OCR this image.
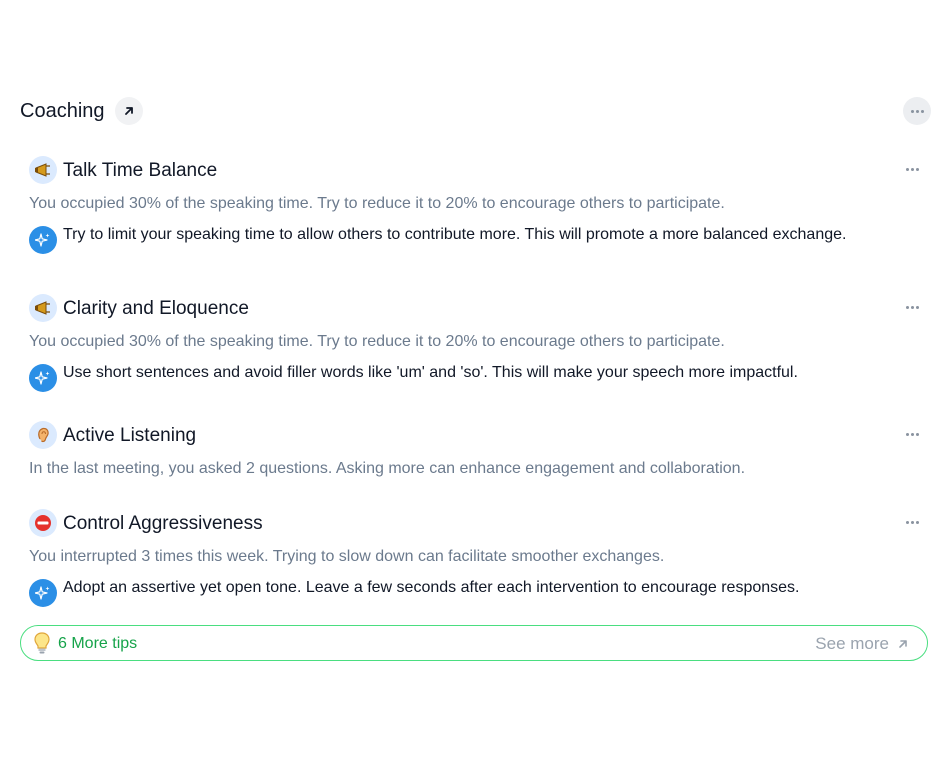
Coaching
Talk Time Balance
You occupied 30% of the speaking time. Try to reduce it to 20% to encourage others to participate.
Try to limit your speaking time to allow others to contribute more. This will promote a more balanced exchange.
Clarity and Eloquence
You occupied 30% of the speaking time. Try to reduce it to 20% to encourage others to participate.
Use short sentences and avoid filler words like 'um' and 'so'. This will make your speech more impactful.
Active Listening
In the last meeting, you asked 2 questions. Asking more can enhance engagement and collaboration.
Control Aggressiveness
You interrupted 3 times this week. Trying to slow down can facilitate smoother exchanges.
Adopt an assertive yet open tone. Leave a few seconds after each intervention to encourage responses.
6 More tips	See more
